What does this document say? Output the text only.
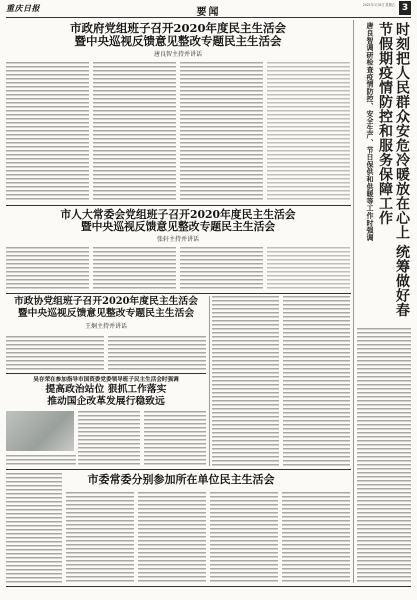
重庆日报	要闻
2021年1月8日 星期五 3
市政府党组班子召开2020年度民主生活会
暨中央巡视反馈意见整改专题民主生活会
唐良智主持并讲话
市人大常委会党组班子召开2020年度民主生活会
暨中央巡视反馈意见整改专题民主生活会
张轩主持并讲话
市政协党组班子召开2020年度民主生活会
暨中央巡视反馈意见整改专题民主生活会
王炯主持并讲话
吴存荣在参加指导市国资委党委领导班子民主生活会时强调
提高政治站位 狠抓工作落实
推动国企改革发展行稳致远
市委常委分别参加所在单位民主生活会
唐良智调研检查疫情防控、安全生产、节日保供和供暖等工作时强调	时刻把人民群众安危冷暖放在心上 统筹做好春节假期疫情防控和服务保障工作
